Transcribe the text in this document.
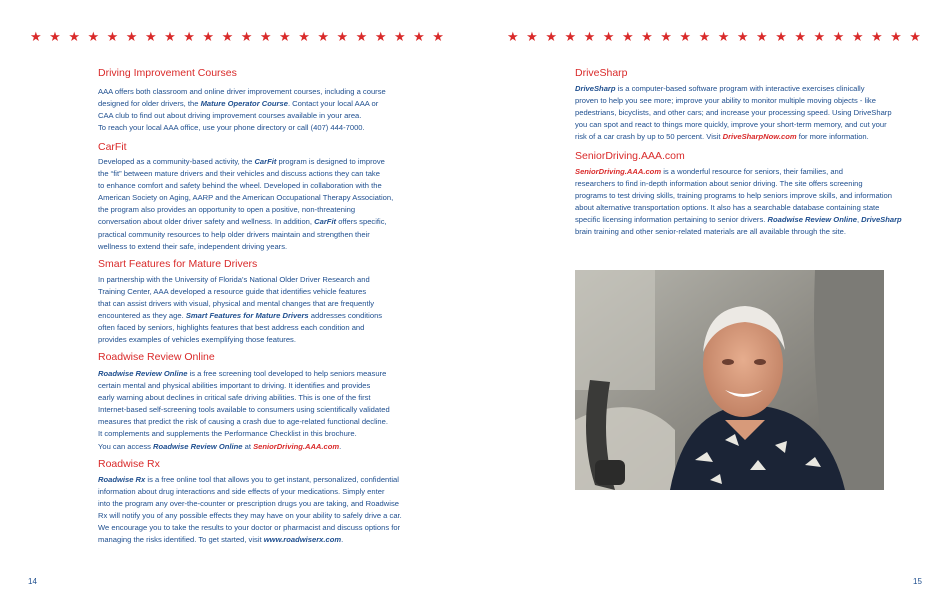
★ ★ ★ ★ ★ ★ ★ ★ ★ ★ ★ ★ ★ ★ ★ ★ ★ ★ ★ ★ ★ ★	★ ★ ★ ★ ★ ★ ★ ★ ★ ★ ★ ★ ★ ★ ★ ★ ★ ★ ★ ★ ★ ★
Driving Improvement Courses
AAA offers both classroom and online driver improvement courses, including a course
designed for older drivers, the Mature Operator Course. Contact your local AAA or
CAA club to find out about driving improvement courses available in your area.
To reach your local AAA office, use your phone directory or call (407) 444-7000.
CarFit
Developed as a community-based activity, the CarFit program is designed to improve
the “fit” between mature drivers and their vehicles and discuss actions they can take
to enhance comfort and safety behind the wheel. Developed in collaboration with the
American Society on Aging, AARP and the American Occupational Therapy Association,
the program also provides an opportunity to open a positive, non-threatening
conversation about older driver safety and wellness. In addition, CarFit offers specific,
practical community resources to help older drivers maintain and strengthen their
wellness to extend their safe, independent driving years.
Smart Features for Mature Drivers
In partnership with the University of Florida’s National Older Driver Research and
Training Center, AAA developed a resource guide that identifies vehicle features
that can assist drivers with visual, physical and mental changes that are frequently
encountered as they age. Smart Features for Mature Drivers addresses conditions
often faced by seniors, highlights features that best address each condition and
provides examples of vehicles exemplifying those features.
Roadwise Review Online
Roadwise Review Online is a free screening tool developed to help seniors measure
certain mental and physical abilities important to driving. It identifies and provides
early warning about declines in critical safe driving abilities. This is one of the first
Internet-based self-screening tools available to consumers using scientifically validated
measures that predict the risk of causing a crash due to age-related functional decline.
It complements and supplements the Performance Checklist in this brochure.
You can access Roadwise Review Online at SeniorDriving.AAA.com.
Roadwise Rx
Roadwise Rx is a free online tool that allows you to get instant, personalized, confidential
information about drug interactions and side effects of your medications. Simply enter
into the program any over-the-counter or prescription drugs you are taking, and Roadwise
Rx will notify you of any possible effects they may have on your ability to safely drive a car.
We encourage you to take the results to your doctor or pharmacist and discuss options for
managing the risks identified. To get started, visit www.roadwiserx.com.
DriveSharp
DriveSharp is a computer-based software program with interactive exercises clinically
proven to help you see more; improve your ability to monitor multiple moving objects - like
pedestrians, bicyclists, and other cars; and increase your processing speed. Using DriveSharp
you can spot and react to things more quickly, improve your short-term memory, and cut your
risk of a car crash by up to 50 percent. Visit DriveSharpNow.com for more information.
SeniorDriving.AAA.com
SeniorDriving.AAA.com is a wonderful resource for seniors, their families, and
researchers to find in-depth information about senior driving. The site offers screening
programs to test driving skills, training programs to help seniors improve skills, and information
about alternative transportation options. It also has a searchable database containing state
specific licensing information pertaining to senior drivers. Roadwise Review Online, DriveSharp
brain training and other senior-related materials are all available through the site.
14	15
